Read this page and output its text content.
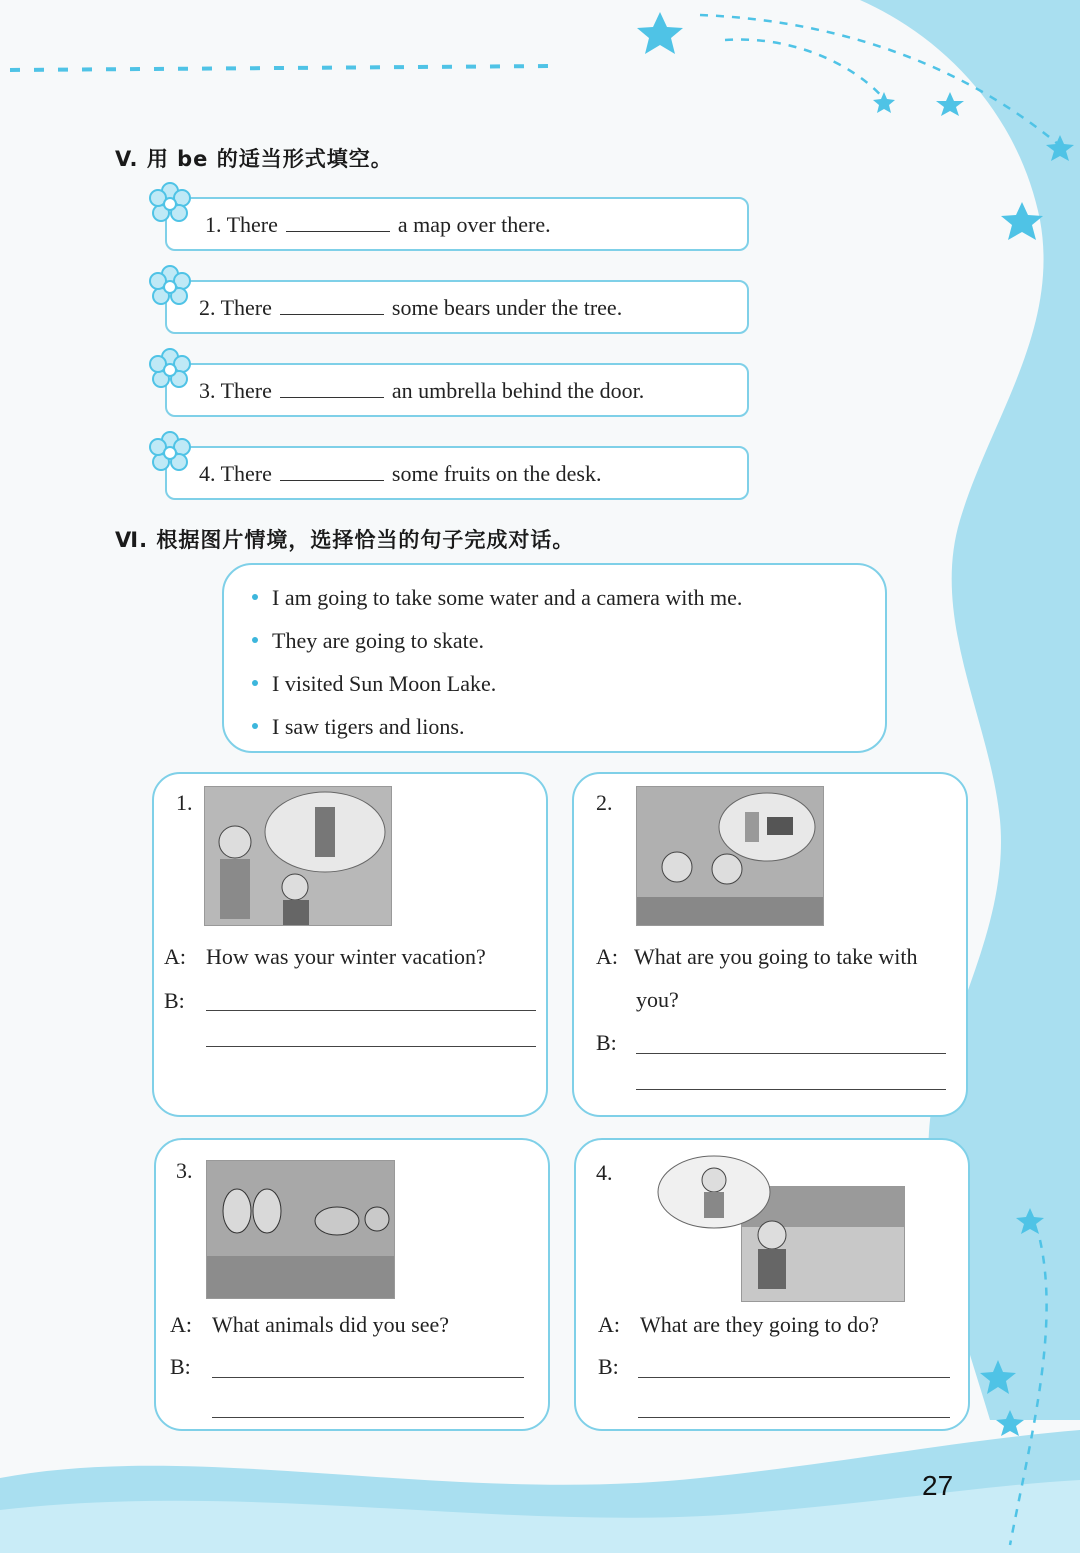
V. 用 be 的适当形式填空。
1. There	a map over there.
2. There	some bears under the tree.
3. There	an umbrella behind the door.
4. There	some fruits on the desk.
Ⅵ. 根据图片情境，选择恰当的句子完成对话。
I am going to take some water and a camera with me.
They are going to skate.
I visited Sun Moon Lake.
I saw tigers and lions.
1.
A: How was your winter vacation?
B:
2.
A: What are you going to take with
you?
B:
3.
A: What animals did you see?
B:
4.
A: What are they going to do?
B:
27
